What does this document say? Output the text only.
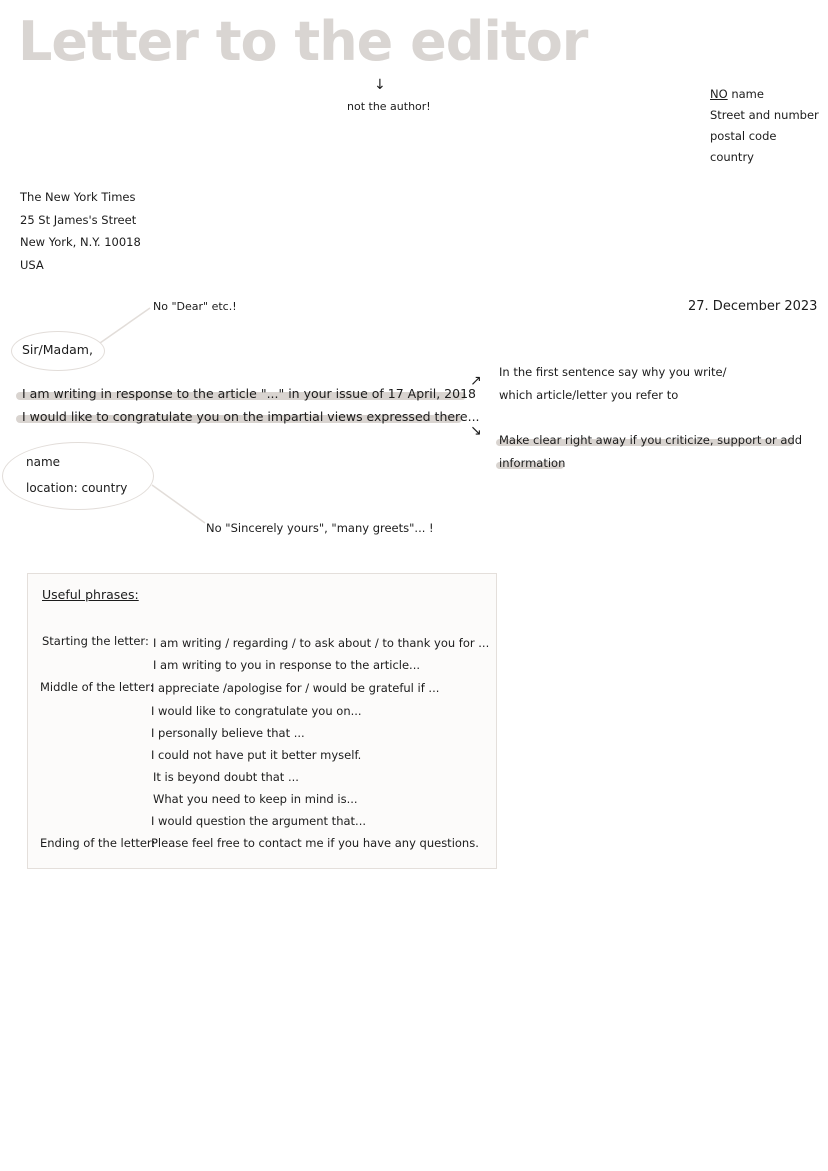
Letter to the editor
↓
not the author!
NO name
Street and number
postal code
country
The New York Times
25 St James's Street
New York, N.Y. 10018
USA
27. December 2023
No "Dear" etc.!
Sir/Madam,
I am writing in response to the article "..." in your issue of 17 April, 2018
I would like to congratulate you on the impartial views expressed there...
↗
↘
In the first sentence say why you write/
which article/letter you refer to
Make clear right away if you criticize, support or add
information
name
location: country
No "Sincerely yours", "many greets"... !
Useful phrases:
Starting the letter:
Middle of the letter:
Ending of the letter:
I am writing / regarding / to ask about / to thank you for ...
I am writing to you in response to the article...
I appreciate /apologise for / would be grateful if ...
I would like to congratulate you on...
I personally believe that ...
I could not have put it better myself.
It is beyond doubt that ...
What you need to keep in mind is...
I would question the argument that...
Please feel free to contact me if you have any questions.
